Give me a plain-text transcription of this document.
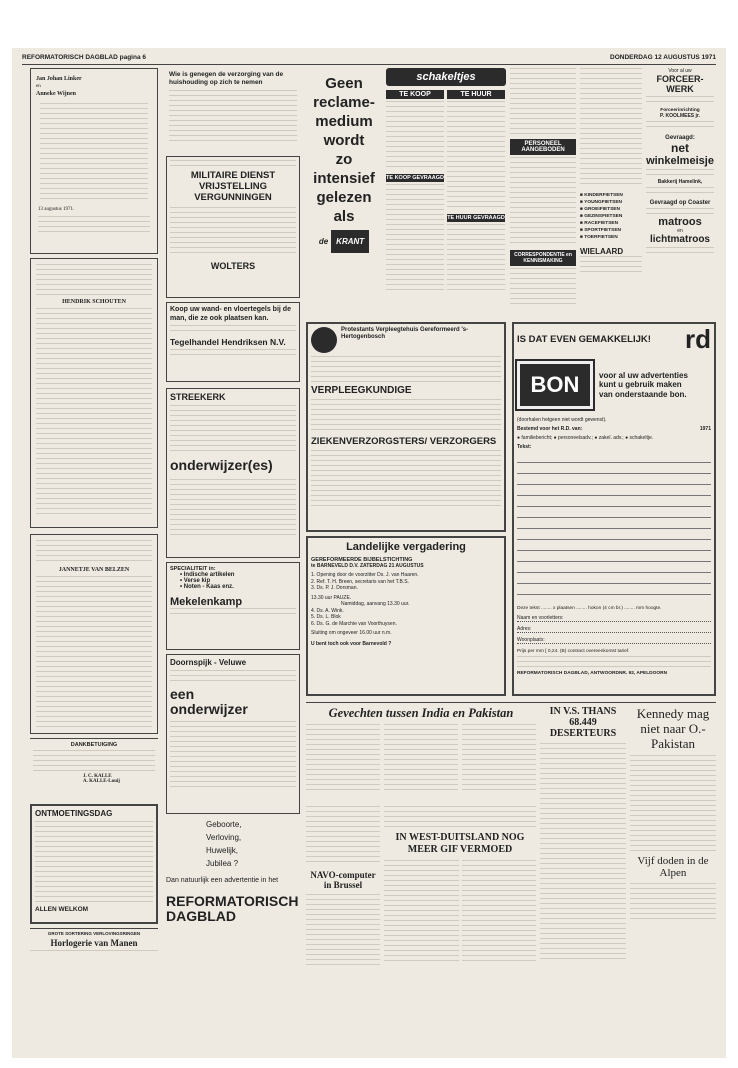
REFORMATORISCH DAGBLAD pagina 6	DONDERDAG 12 AUGUSTUS 1971
Jan Johan Linker
en
Anneke Wijnen
13 augustus 1971.
HENDRIK SCHOUTEN
JANNETJE VAN BELZEN
DANKBETUIGING
J. C. KALLE
A. KALLE-Louij
ONTMOETINGSDAG
ALLEN WELKOM
GROTE SORTERING VERLOVINGSRINGEN
Horlogerie van Manen
Wie is genegen de verzorging van de huishouding op zich te nemen
MILITAIRE DIENST
VRIJSTELLING
VERGUNNINGEN
WOLTERS
Koop uw wand- en vloertegels bij de man, die ze ook plaatsen kan.
Tegelhandel Hendriksen N.V.
STREEKERK
onderwijzer(es)
SPECIALITEIT in:
• Indische artikelen
• Verse kip
• Noten - Kaas enz.
Mekelenkamp
Doornspijk - Veluwe
een onderwijzer
Geboorte,
Verloving,
Huwelijk,
Jubilea ?
Dan natuurlijk een advertentie in het
REFORMATORISCH DAGBLAD
Geen
reclame-
medium
wordt
zo
intensief
gelezen
als
de	KRANT
schakeltjes
TE KOOP
TE KOOP GEVRAAGD
TE HUUR
TE HUUR GEVRAAGD
PERSONEEL AANGEBODEN
CORRESPONDENTIE en KENNISMAKING
■ KINDERFIETSEN
■ YOUNGFIETSEN
■ GROEIFIETSEN
■ GEZINSFIETSEN
■ RACEFIETSEN
■ SPORTFIETSEN
■ TOERFIETSEN
WIELAARD
Voor al uw
FORCEER-WERK
Forceerinrichting
P. KOOLMEES jr.
Gevraagd:
net
winkelmeisje
Bakkerij Hamelink,
Gevraagd op Coaster
matroos
en
lichtmatroos
Protestants Verpleegtehuis Gereformeerd 's-Hertogenbosch
VERPLEEGKUNDIGE
ZIEKENVERZORGSTERS/ VERZORGERS
Landelijke vergadering
GEREFORMEERDE BIJBELSTICHTING
te BARNEVELD D.V. ZATERDAG 21 AUGUSTUS
1. Opening door de voorzitter Ds. J. van Haaren.
2. Ref. T. H. Breen, secretaris van het T.B.S.
3. Ds. P. J. Dorsman.
13.30 uur PAUZE.
Namiddag, aanvang 13.30 uur.
4. Ds. A. Wink.
5. Ds. L. Blok
6. Ds. G. de Marchie van Voorthuysen.
Sluiting om ongeveer 16.00 uur n.m.
U bent toch ook voor Barnevold ?
IS DAT EVEN GEMAKKELIJK! rd
BON	voor al uw advertenties
kunt u gebruik maken
van onderstaande bon.
(doorhalen hetgeen niet wordt gewenst).
Bestemd voor het R.D. van:	1971
● familiebericht; ● personeelsadv.; ● zakel. adv.; ● schakeltje.
Tekst:
Deze tekst ........ x plaatsen ........ hokon (4 cm br.) ........ mm hoogte.
Naam en voorletters:
Adres:
Woonplaats:
Prijs per mm [ 0,24. (B) contract overeenkomst tarief.
REFORMATORISCH DAGBLAD, ANTWOORDNR. 92, APELDOORN
Gevechten tussen India en Pakistan
NAVO-computer in Brussel
IN WEST-DUITSLAND NOG MEER GIF VERMOED
IN V.S. THANS 68.449 DESERTEURS
Kennedy mag niet naar O.-Pakistan
Vijf doden in de Alpen
